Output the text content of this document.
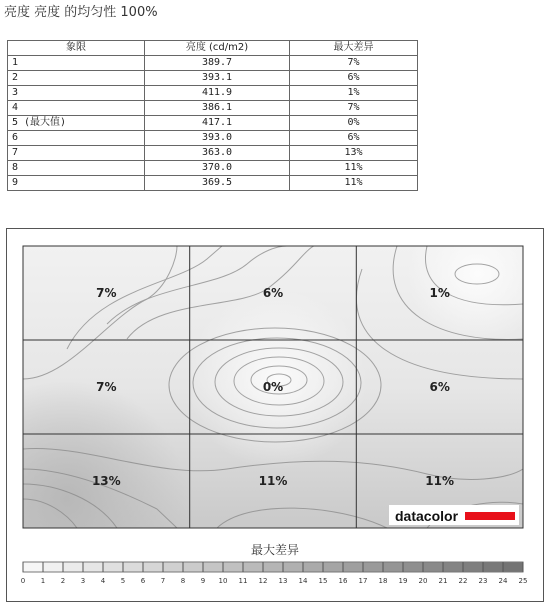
亮度 亮度 的均匀性 100%
象限	亮度 (cd/m2)	最大差异
1	389.7	7%
2	393.1	6%
3	411.9	1%
4	386.1	7%
5 (最大值)	417.1	0%
6	393.0	6%
7	363.0	13%
8	370.0	11%
9	369.5	11%
7%	6%	1%
7%	0%	6%
13%	11%	11%
datacolor
最大差异
0 1 2 3 4 5 6 7 8 9 10 11 12 13 14 15 16 17 18 19 20 21 22 23 24 25
